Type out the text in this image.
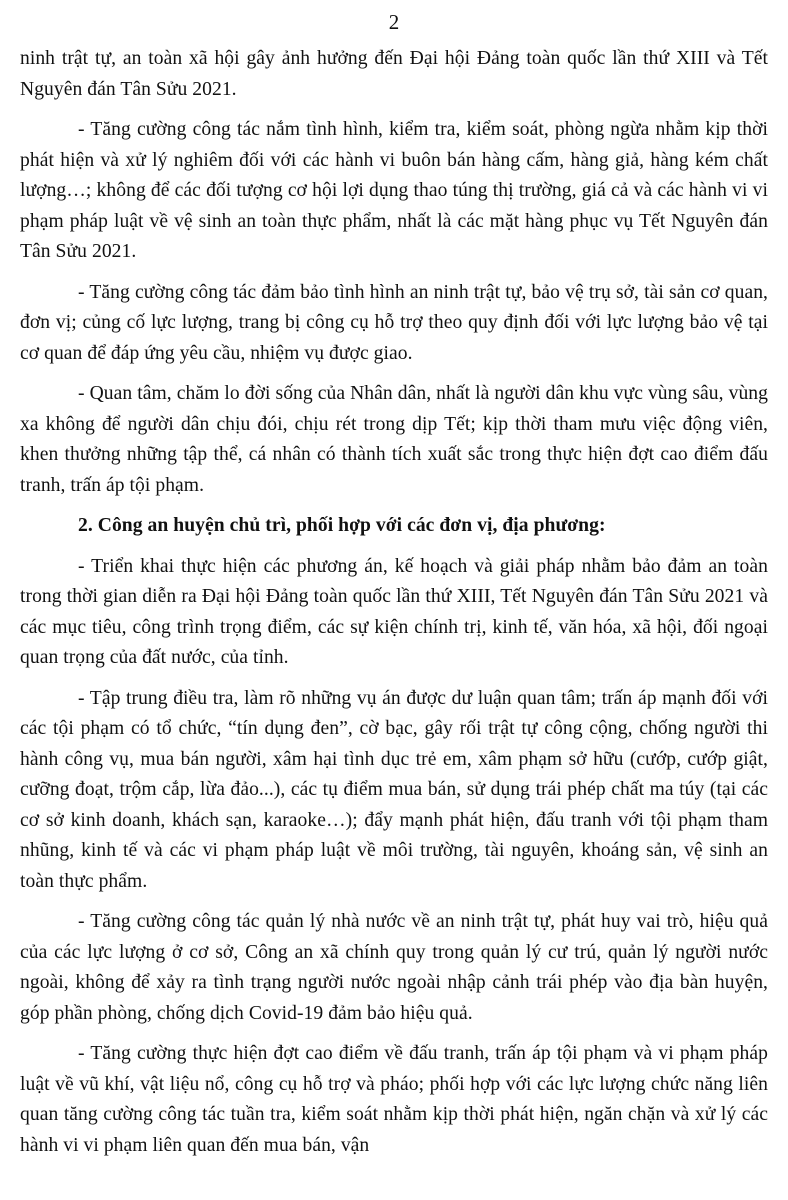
2

ninh trật tự, an toàn xã hội gây ảnh hưởng đến Đại hội Đảng toàn quốc lần thứ XIII và Tết Nguyên đán Tân Sửu 2021.

- Tăng cường công tác nắm tình hình, kiểm tra, kiểm soát, phòng ngừa nhằm kịp thời phát hiện và xử lý nghiêm đối với các hành vi buôn bán hàng cấm, hàng giả, hàng kém chất lượng…; không để các đối tượng cơ hội lợi dụng thao túng thị trường, giá cả và các hành vi vi phạm pháp luật về vệ sinh an toàn thực phẩm, nhất là các mặt hàng phục vụ Tết Nguyên đán Tân Sửu 2021.

- Tăng cường công tác đảm bảo tình hình an ninh trật tự, bảo vệ trụ sở, tài sản cơ quan, đơn vị; củng cố lực lượng, trang bị công cụ hỗ trợ theo quy định đối với lực lượng bảo vệ tại cơ quan để đáp ứng yêu cầu, nhiệm vụ được giao.

- Quan tâm, chăm lo đời sống của Nhân dân, nhất là người dân khu vực vùng sâu, vùng xa không để người dân chịu đói, chịu rét trong dịp Tết; kịp thời tham mưu việc động viên, khen thưởng những tập thể, cá nhân có thành tích xuất sắc trong thực hiện đợt cao điểm đấu tranh, trấn áp tội phạm.

2. Công an huyện chủ trì, phối hợp với các đơn vị, địa phương:

- Triển khai thực hiện các phương án, kế hoạch và giải pháp nhằm bảo đảm an toàn trong thời gian diễn ra Đại hội Đảng toàn quốc lần thứ XIII, Tết Nguyên đán Tân Sửu 2021 và các mục tiêu, công trình trọng điểm, các sự kiện chính trị, kinh tế, văn hóa, xã hội, đối ngoại quan trọng của đất nước, của tỉnh.

- Tập trung điều tra, làm rõ những vụ án được dư luận quan tâm; trấn áp mạnh đối với các tội phạm có tổ chức, “tín dụng đen”, cờ bạc, gây rối trật tự công cộng, chống người thi hành công vụ, mua bán người, xâm hại tình dục trẻ em, xâm phạm sở hữu (cướp, cướp giật, cưỡng đoạt, trộm cắp, lừa đảo...), các tụ điểm mua bán, sử dụng trái phép chất ma túy (tại các cơ sở kinh doanh, khách sạn, karaoke…); đẩy mạnh phát hiện, đấu tranh với tội phạm tham nhũng, kinh tế và các vi phạm pháp luật về môi trường, tài nguyên, khoáng sản, vệ sinh an toàn thực phẩm.

- Tăng cường công tác quản lý nhà nước về an ninh trật tự, phát huy vai trò, hiệu quả của các lực lượng ở cơ sở, Công an xã chính quy trong quản lý cư trú, quản lý người nước ngoài, không để xảy ra tình trạng người nước ngoài nhập cảnh trái phép vào địa bàn huyện, góp phần phòng, chống dịch Covid-19 đảm bảo hiệu quả.

- Tăng cường thực hiện đợt cao điểm về đấu tranh, trấn áp tội phạm và vi phạm pháp luật về vũ khí, vật liệu nổ, công cụ hỗ trợ và pháo; phối hợp với các lực lượng chức năng liên quan tăng cường công tác tuần tra, kiểm soát nhằm kịp thời phát hiện, ngăn chặn và xử lý các hành vi vi phạm liên quan đến mua bán, vận
